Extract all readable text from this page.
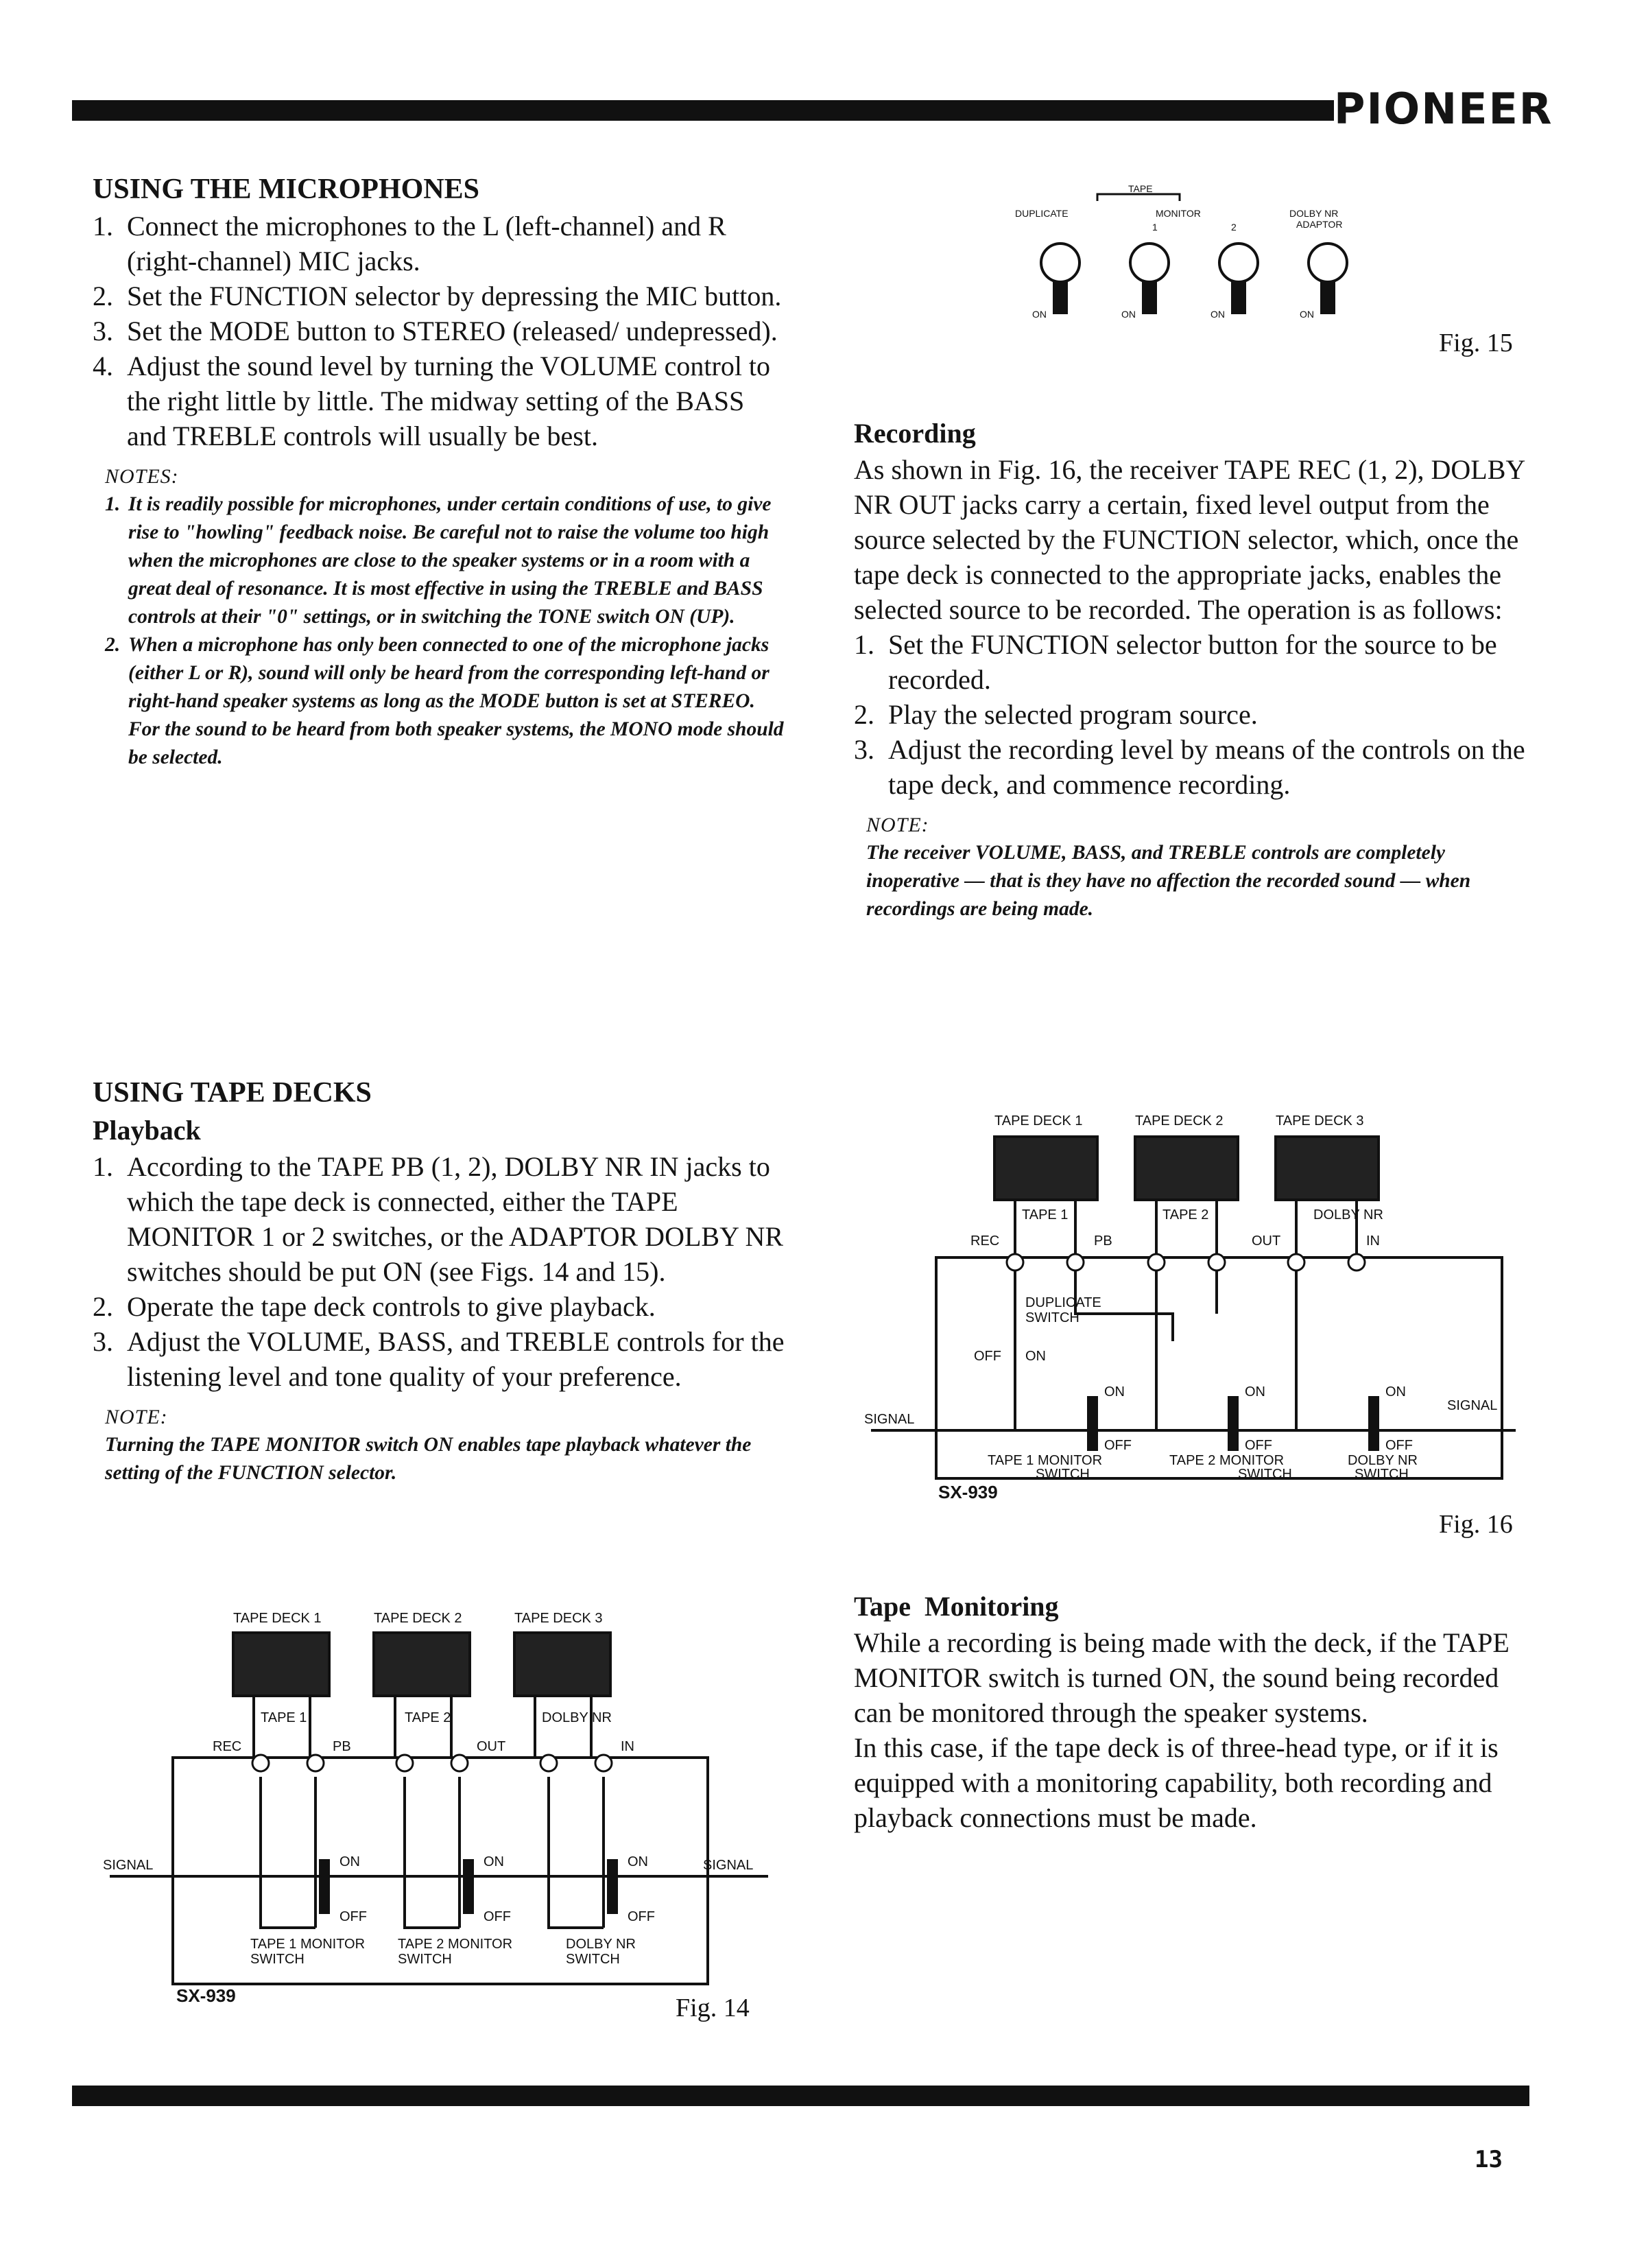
PIONEER
USING THE MICROPHONES
1. Connect the microphones to the L (left-channel) and R (right-channel) MIC jacks.
2. Set the FUNCTION selector by depressing the MIC button.
3. Set the MODE button to STEREO (released/ undepressed).
4. Adjust the sound level by turning the VOLUME control to the right little by little. The midway setting of the BASS and TREBLE controls will usually be best.
NOTES:
1. It is readily possible for microphones, under certain conditions of use, to give rise to "howling" feedback noise. Be careful not to raise the volume too high when the microphones are close to the speaker systems or in a room with a great deal of resonance. It is most effective in using the TREBLE and BASS controls at their "0" settings, or in switching the TONE switch ON (UP).
2. When a microphone has only been connected to one of the microphone jacks (either L or R), sound will only be heard from the corresponding left-hand or right-hand speaker systems as long as the MODE button is set at STEREO. For the sound to be heard from both speaker systems, the MONO mode should be selected.
USING TAPE DECKS
Playback
1. According to the TAPE PB (1, 2), DOLBY NR IN jacks to which the tape deck is connected, either the TAPE MONITOR 1 or 2 switches, or the ADAPTOR DOLBY NR switches should be put ON (see Figs. 14 and 15).
2. Operate the tape deck controls to give playback.
3. Adjust the VOLUME, BASS, and TREBLE controls for the listening level and tone quality of your preference.
NOTE:
Turning the TAPE MONITOR switch ON enables tape playback whatever the setting of the FUNCTION selector.
TAPE DECK 1	TAPE DECK 2	TAPE DECK 3
TAPE 1	TAPE 2	DOLBY NR
REC	PB	OUT	IN
SIGNAL	SIGNAL
ON	ON	ON
OFF	OFF	OFF
TAPE 1 MONITOR
SWITCH
TAPE 2 MONITOR
SWITCH
DOLBY NR
SWITCH
SX-939	Fig. 14
TAPE
DUPLICATE	MONITOR
1	2
DOLBY NR
ADAPTOR
ON	ON	ON	ON
Fig. 15
Recording

As shown in Fig. 16, the receiver TAPE REC (1, 2), DOLBY NR OUT jacks carry a certain, fixed level output from the source selected by the FUNCTION selector, which, once the tape deck is connected to the appropriate jacks, enables the selected source to be recorded. The operation is as follows:

1. Set the FUNCTION selector button for the source to be recorded.
2. Play the selected program source.
3. Adjust the recording level by means of the controls on the tape deck, and commence recording.
NOTE:
The receiver VOLUME, BASS, and TREBLE controls are completely inoperative — that is they have no affection the recorded sound — when recordings are being made.
TAPE DECK 1	TAPE DECK 2	TAPE DECK 3
TAPE 1	TAPE 2	DOLBY NR
REC	PB	OUT	IN
DUPLICATE
SWITCH
OFF ON
SIGNAL
SIGNAL
ON	ON	ON
OFF	OFF	OFF
TAPE 1 MONITOR
SWITCH
TAPE 2 MONITOR
SWITCH
DOLBY NR
SWITCH
SX-939
Fig. 16
Tape  Monitoring

While a recording is being made with the deck, if the TAPE MONITOR switch is turned ON, the sound being recorded can be monitored through the speaker systems.

In this case, if the tape deck is of three-head type, or if it is equipped with a monitoring capability, both recording and playback connections must be made.

13
